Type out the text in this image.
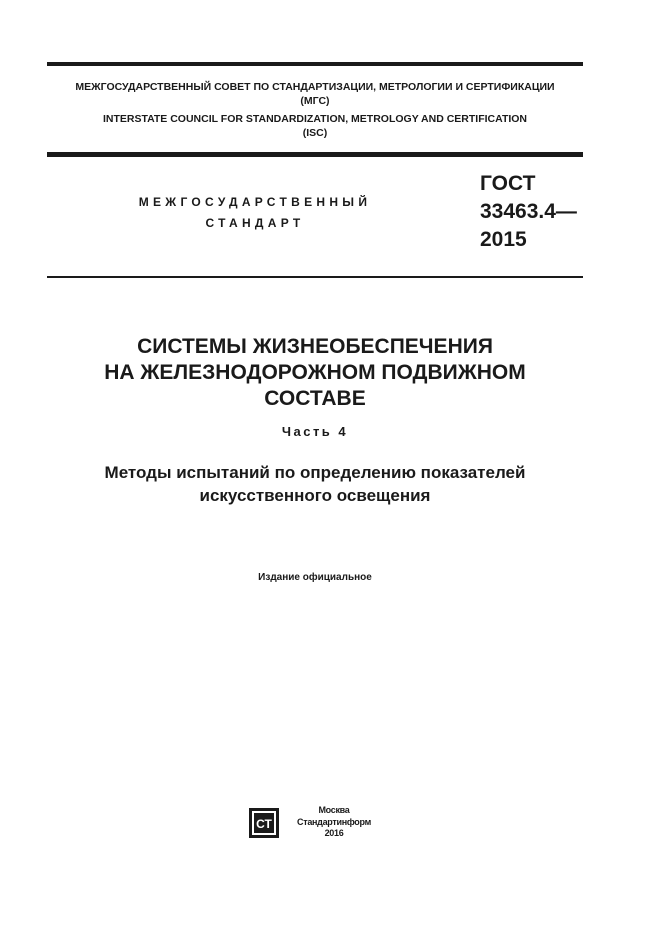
МЕЖГОСУДАРСТВЕННЫЙ СОВЕТ ПО СТАНДАРТИЗАЦИИ, МЕТРОЛОГИИ И СЕРТИФИКАЦИИ
(МГС)
INTERSTATE COUNCIL FOR STANDARDIZATION, METROLOGY AND CERTIFICATION
(ISC)
МЕЖГОСУДАРСТВЕННЫЙ
СТАНДАРТ
ГОСТ
33463.4—
2015
СИСТЕМЫ ЖИЗНЕОБЕСПЕЧЕНИЯ
НА ЖЕЛЕЗНОДОРОЖНОМ ПОДВИЖНОМ
СОСТАВЕ
Часть 4
Методы испытаний по определению показателей
искусственного освещения
Издание официальное
СТ
Москва
Стандартинформ
2016
